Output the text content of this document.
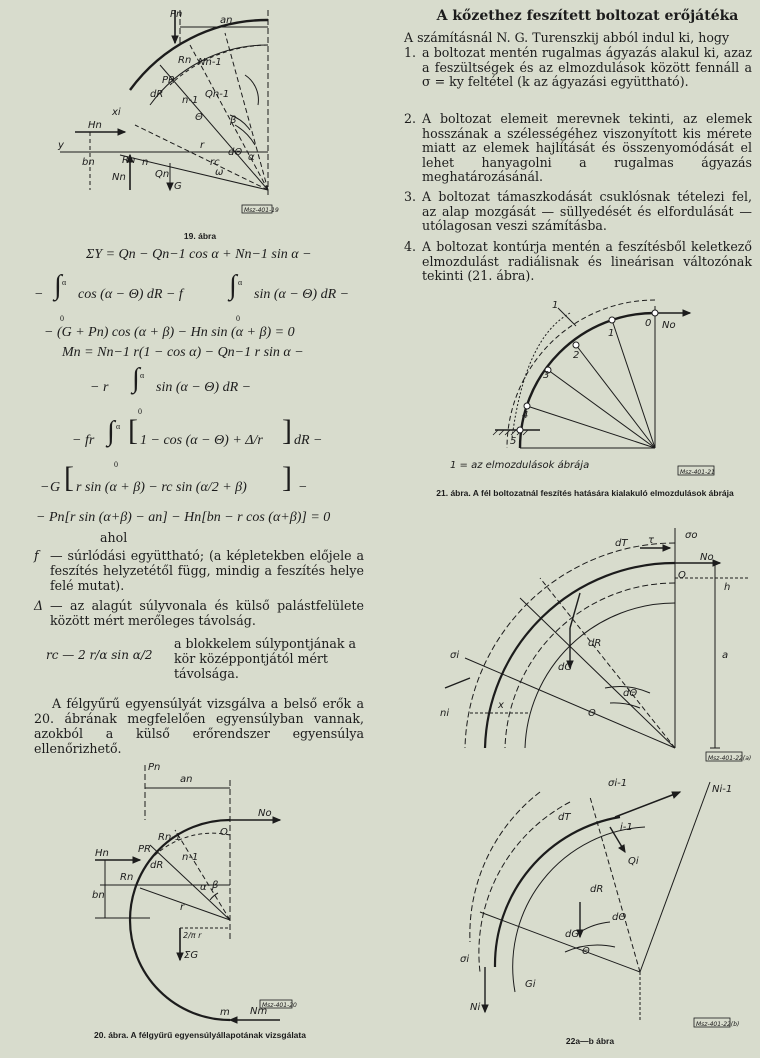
Pn
an
Rn Nn-1
Qn-1
PR
dR
n-1
Hn
y
bn	Rn
Nn
n
Qn
G
r
rc
β
Θ
α
dΘ
xi
ω
Msz-401-19
19. ábra
ΣY = Qn − Qn−1 cos α + Nn−1 sin α −
− ∫ α
0
cos (α − Θ) dR − f ∫ α
0
sin (α − Θ) dR −
− (G + Pn) cos (α + β) − Hn sin (α + β) = 0
Mn = Nn−1 r(1 − cos α) − Qn−1 r sin α −
− r ∫ α
0
sin (α − Θ) dR −
− fr ∫ α
0
[ 1 − cos (α − Θ) + Δ/r ] dR −
− G [ r sin (α + β) − rc sin (α/2 + β) ] −
− Pn[r sin (α+β) − an] − Hn[bn − r cos (α+β)] = 0
ahol
f — súrlódási együttható; (a képletekben előjele a feszítés helyzetétől függ, mindig a feszítés helye felé mutat).
Δ — az alagút súlyvonala és külső palástfelülete között mért merőleges távolság.
rc — 2 r/α sin α/2
a blokkelem súlypontjának a kör középpontjától mért távolsága.
A félgyűrű egyensúlyát vizsgálva a belső erők a 20. ábrának megfelelően egyensúlyban vannak, azokból a külső erőrendszer egyensúlya ellenőrizhető.
Pn
an
No
O
Hn
bn
Rn
PR
Rn-1
dR
n-1
α β
r
2/π r
ΣG
m Nm
Msz-401-20
20. ábra. A félgyűrű egyensúlyállapotának vizsgálata
A kőzethez feszített boltozat erőjátéka
A számításnál N. G. Turenszkij abból indul ki, hogy
1. a boltozat mentén rugalmas ágyazás alakul ki, azaz a feszültségek és az elmozdulások között fennáll a σ = ky feltétel (k az ágyazási együttható).
2. A boltozat elemeit merevnek tekinti, az elemek hosszának a szélességéhez viszonyított kis mérete miatt az elemek hajlítását és összenyomódását el lehet hanyagolni a rugalmas ágyazás meghatározásánál.
3. A boltozat támaszkodását csuklósnak tételezi fel, az alap mozgását — süllyedését és elfordulását — utólagosan veszi számításba.
4. A boltozat kontúrja mentén a feszítésből keletkező elmozdulást radiálisnak és lineárisan változónak tekinti (21. ábra).
1
0
1
2
3
4
5
No
1 = az elmozdulások ábrája
Msz-401-21
21. ábra. A fél boltozatnál feszítés hatására kialakuló elmozdulások ábrája
σo
dT τ
No
O
h
a
dR
dG
dΘ
Θ
σi
ni
x
Msz-401-22(a)
σi-1
Ni-1
dT
i-1
Qi
dR
dG
dΘ
Θ
σi
Ni
Gi
Msz-401-22(b)
22a—b ábra
